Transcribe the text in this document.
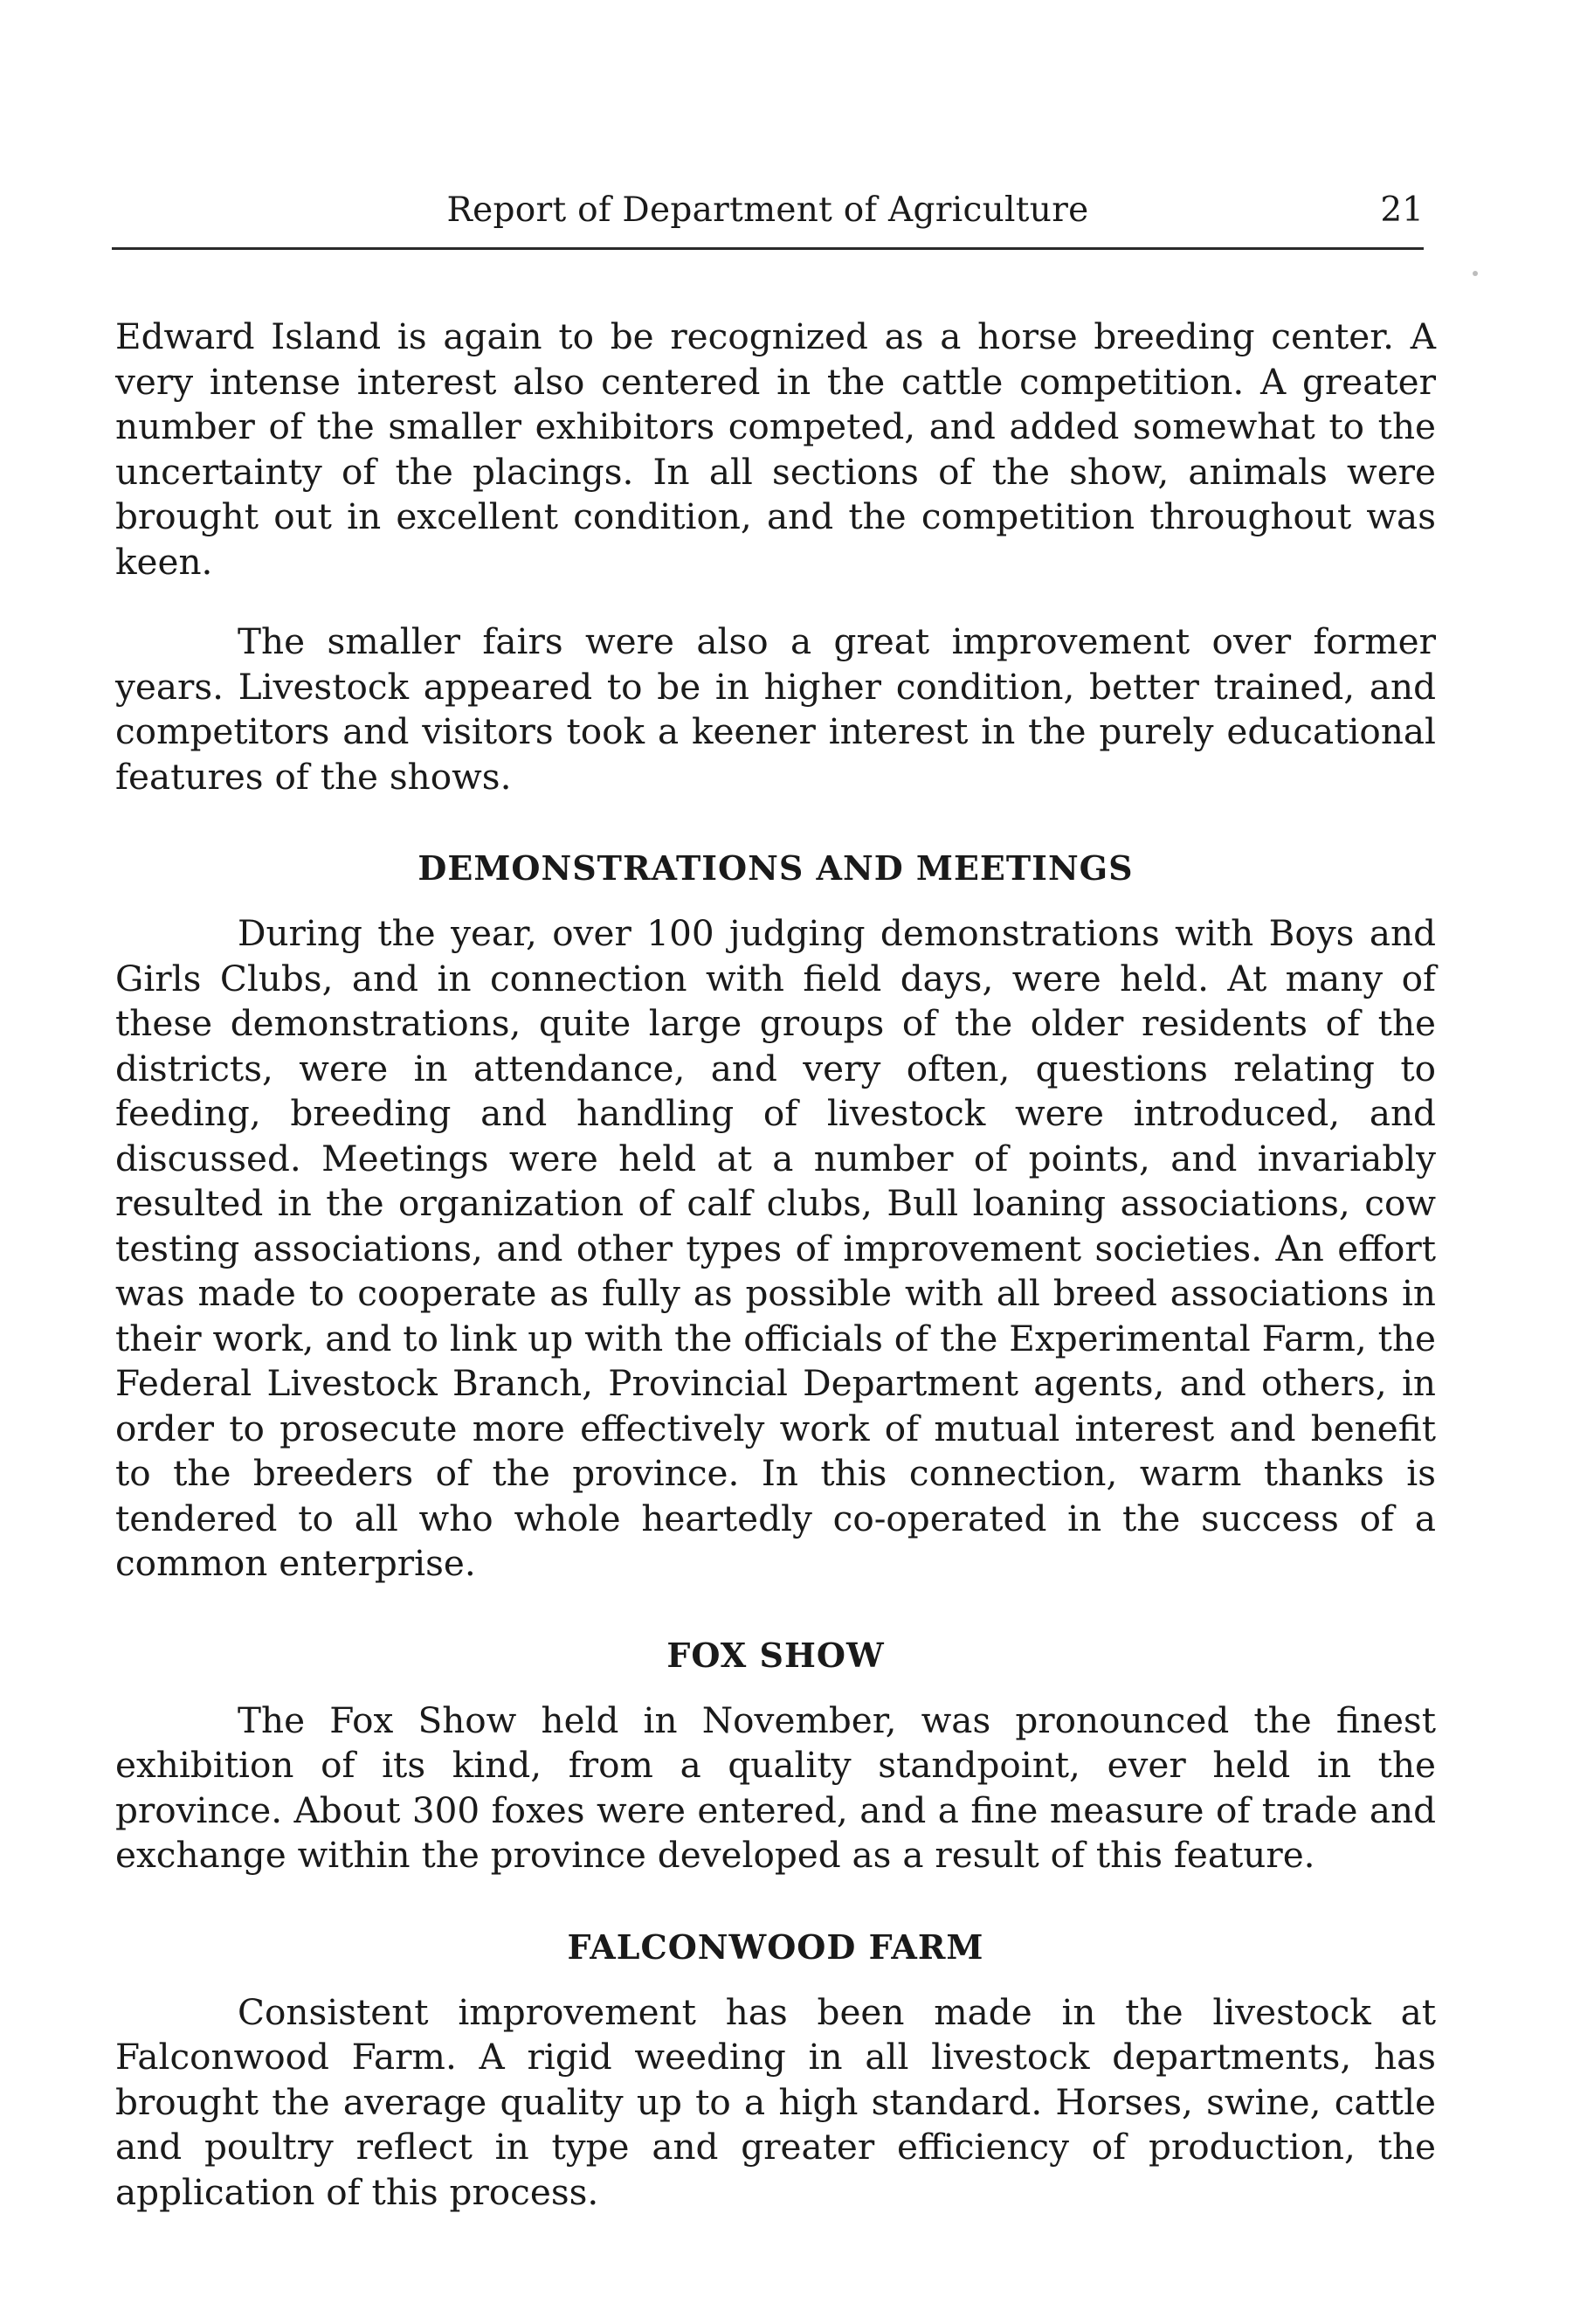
Report of Department of Agriculture	21

Edward Island is again to be recognized as a horse breeding center. A very intense interest also centered in the cattle competition. A greater number of the smaller exhibitors competed, and added somewhat to the uncertainty of the placings. In all sections of the show, animals were brought out in excellent condition, and the competition throughout was keen.

The smaller fairs were also a great improvement over former years. Livestock appeared to be in higher condition, better trained, and competitors and visitors took a keener interest in the purely educational features of the shows.

DEMONSTRATIONS AND MEETINGS

During the year, over 100 judging demonstrations with Boys and Girls Clubs, and in connection with field days, were held. At many of these demonstrations, quite large groups of the older residents of the districts, were in attendance, and very often, questions relating to feeding, breeding and handling of livestock were introduced, and discussed. Meetings were held at a number of points, and invariably resulted in the organization of calf clubs, Bull loaning associations, cow testing associations, and other types of improvement societies. An effort was made to cooperate as fully as possible with all breed associations in their work, and to link up with the officials of the Experimental Farm, the Federal Livestock Branch, Provincial Department agents, and others, in order to prosecute more effectively work of mutual interest and benefit to the breeders of the province. In this connection, warm thanks is tendered to all who whole heartedly co-operated in the success of a common enterprise.

FOX SHOW

The Fox Show held in November, was pronounced the finest exhibition of its kind, from a quality standpoint, ever held in the province. About 300 foxes were entered, and a fine measure of trade and exchange within the province developed as a result of this feature.

FALCONWOOD FARM

Consistent improvement has been made in the livestock at Falconwood Farm. A rigid weeding in all livestock departments, has brought the average quality up to a high standard. Horses, swine, cattle and poultry reflect in type and greater efficiency of production, the application of this process.
